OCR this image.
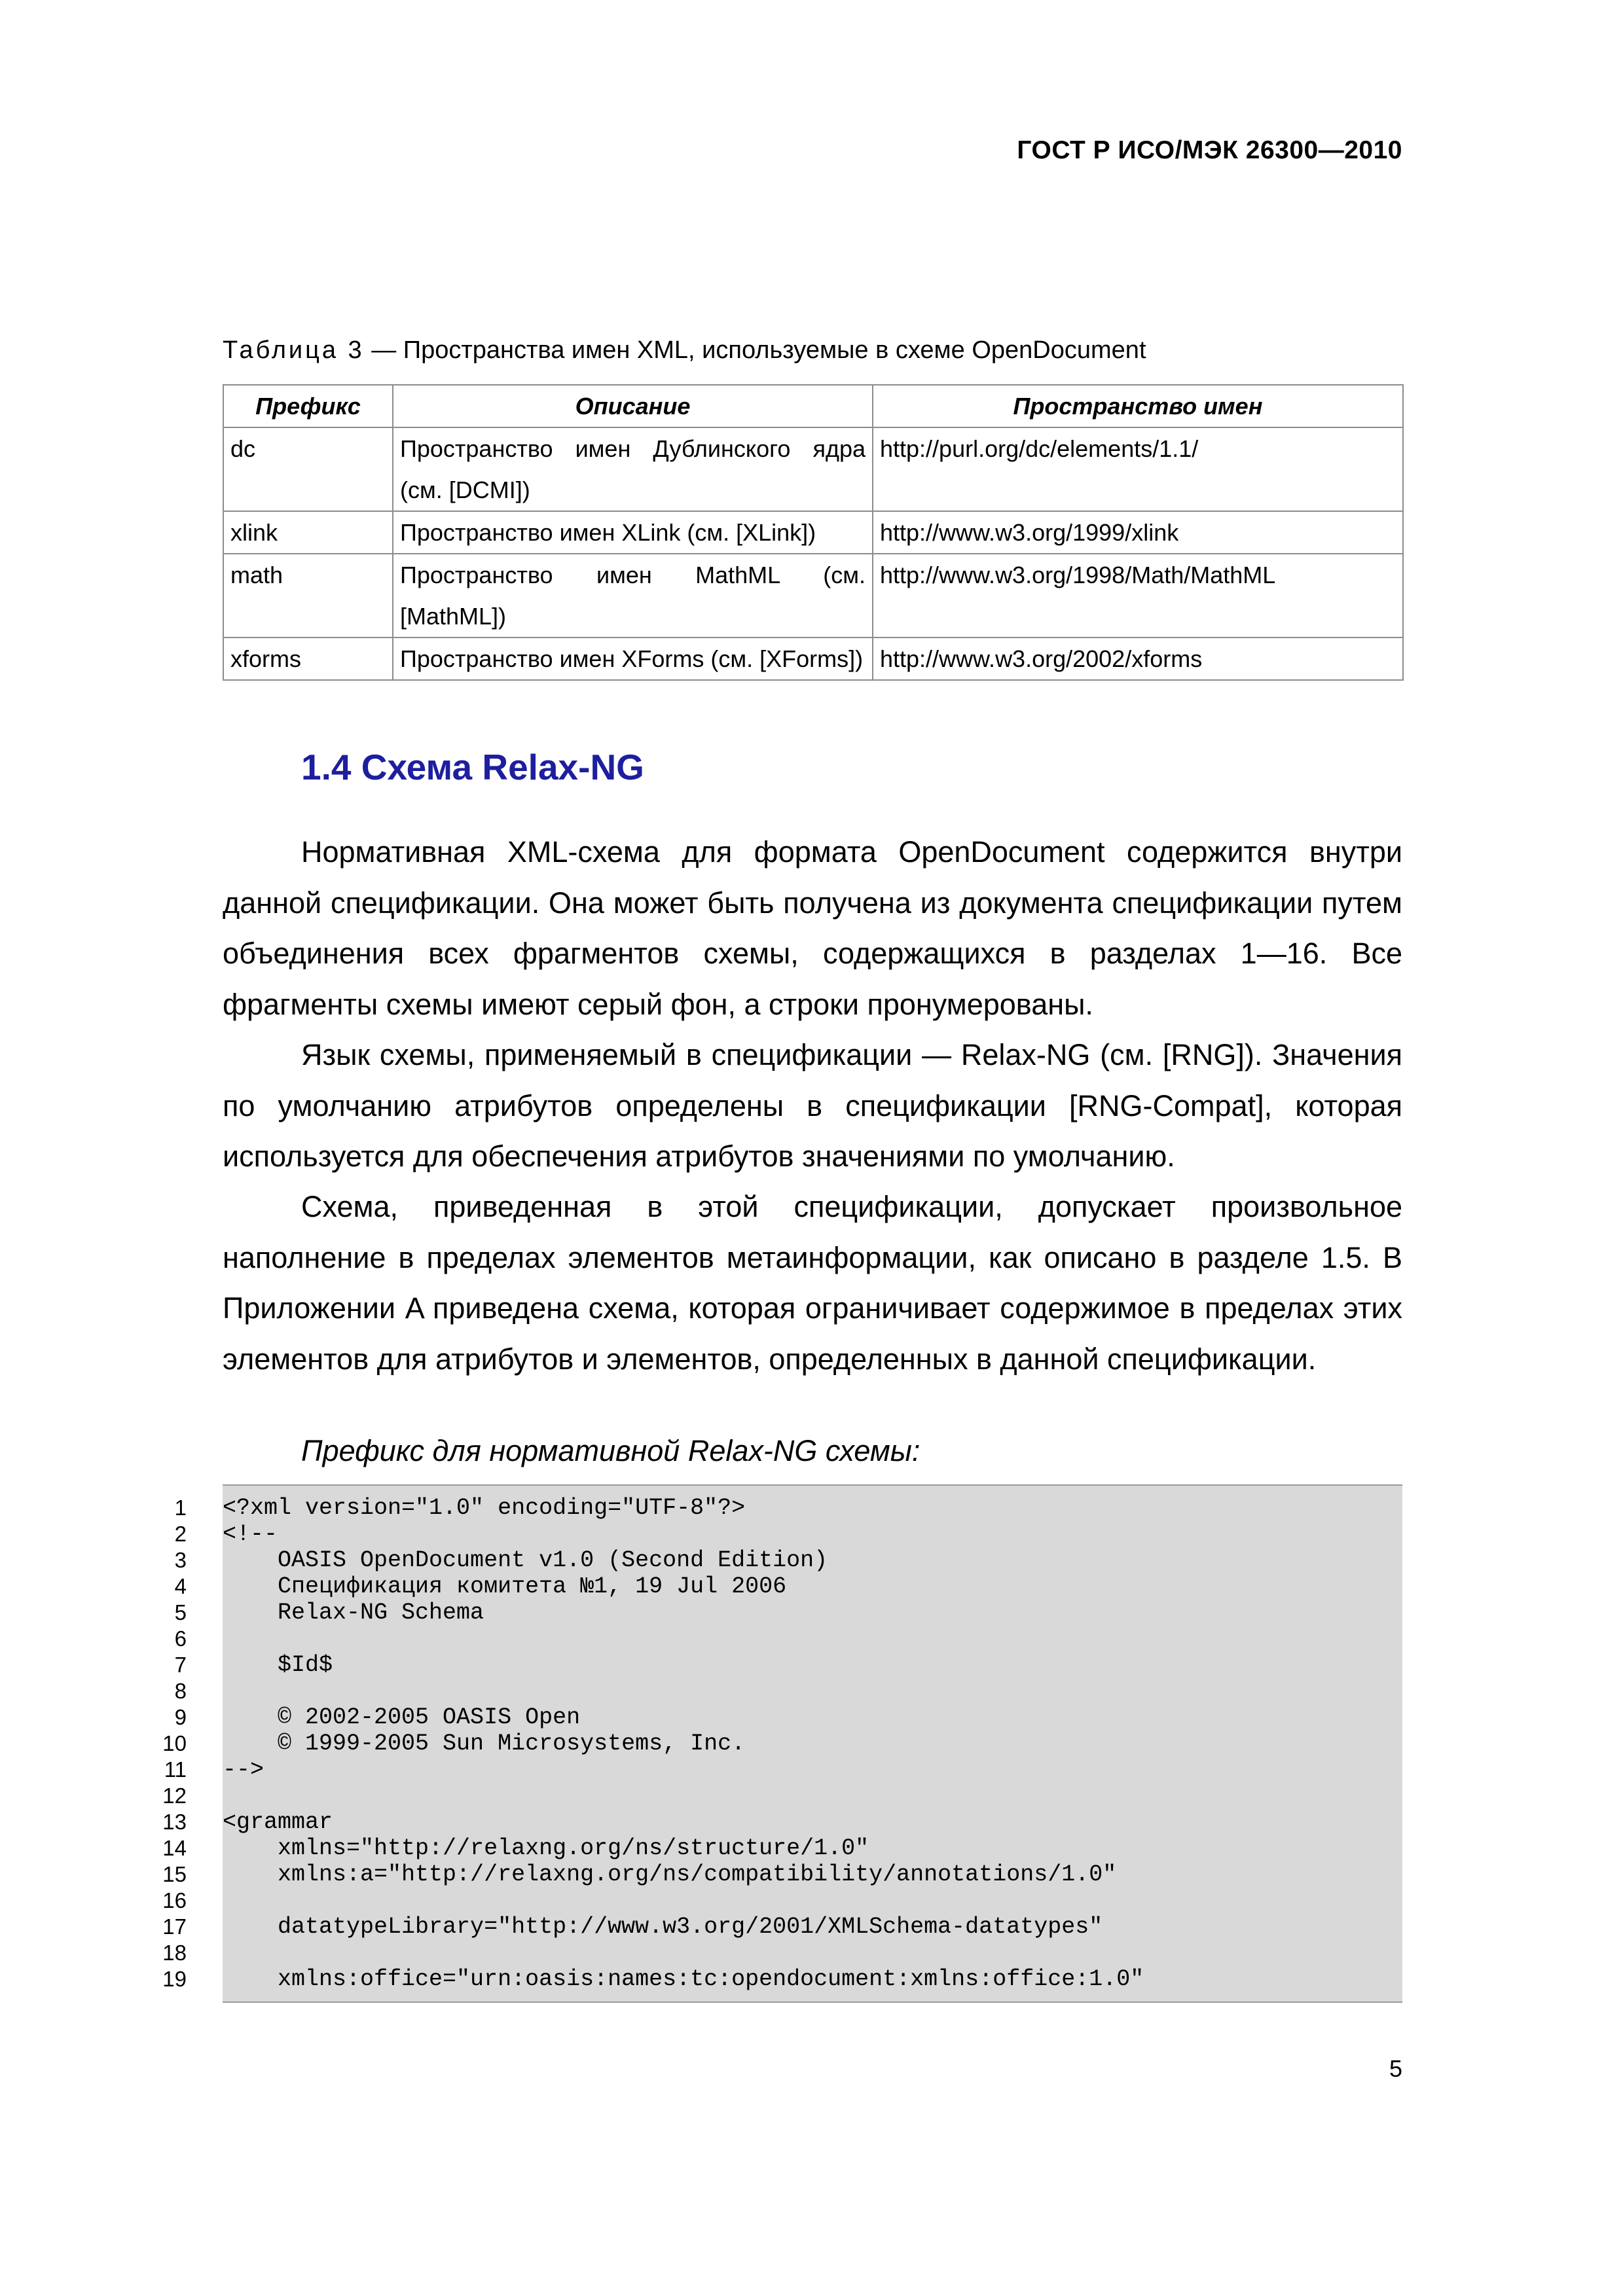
ГОСТ Р ИСО/МЭК 26300—2010
Таблица 3 — Пространства имен XML, используемые в схеме OpenDocument
Префикс	Описание	Пространство имен
dc	Пространство имен Дублинского ядра (см. [DCMI])	http://purl.org/dc/elements/1.1/
xlink	Пространство имен XLink (см. [XLink])	http://www.w3.org/1999/xlink
math	Пространство имен MathML (см. [MathML])	http://www.w3.org/1998/Math/MathML
xforms	Пространство имен XForms (см. [XForms])	http://www.w3.org/2002/xforms
1.4 Схема Relax-NG

Нормативная XML-схема для формата OpenDocument содержится внутри данной спецификации. Она может быть получена из документа спецификации путем объединения всех фрагментов схемы, содержащихся в разделах 1—16. Все фрагменты схемы имеют серый фон, а строки пронумерованы.

Язык схемы, применяемый в спецификации — Relax-NG (см. [RNG]). Значения по умолчанию атрибутов определены в спецификации [RNG-Compat], которая используется для обеспечения атрибутов значениями по умолчанию.

Схема, приведенная в этой спецификации, допускает произвольное наполнение в пределах элементов метаинформации, как описано в разделе 1.5. В Приложении A приведена схема, которая ограничивает содержимое в пределах этих элементов для атрибутов и элементов, определенных в данной спецификации.

Префикс для нормативной Relax-NG схемы:
5
1 <?xml version="1.0" encoding="UTF-8"?>
2 <!--
3 OASIS OpenDocument v1.0 (Second Edition)
4 Спецификация комитета №1, 19 Jul 2006
5 Relax-NG Schema
6
7 $Id$
8
9 © 2002-2005 OASIS Open
10 © 1999-2005 Sun Microsystems, Inc.
11 -->
12
13 <grammar
14 xmlns="http://relaxng.org/ns/structure/1.0"
15 xmlns:a="http://relaxng.org/ns/compatibility/annotations/1.0"
16
17 datatypeLibrary="http://www.w3.org/2001/XMLSchema-datatypes"
18
19 xmlns:office="urn:oasis:names:tc:opendocument:xmlns:office:1.0"
